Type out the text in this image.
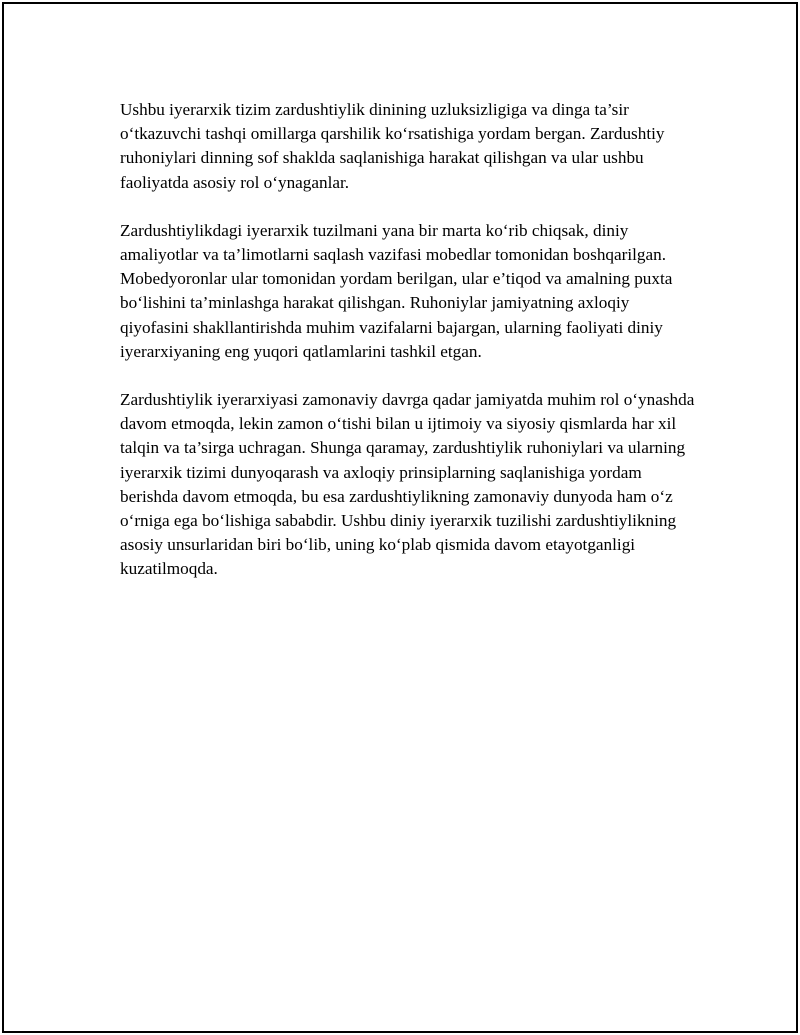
Ushbu iyerarxik tizim zardushtiylik dinining uzluksizligiga va dinga ta’sir o‘tkazuvchi tashqi omillarga qarshilik ko‘rsatishiga yordam bergan. Zardushtiy ruhoniylari dinning sof shaklda saqlanishiga harakat qilishgan va ular ushbu faoliyatda asosiy rol o‘ynaganlar.

Zardushtiylikdagi iyerarxik tuzilmani yana bir marta ko‘rib chiqsak, diniy amaliyotlar va ta’limotlarni saqlash vazifasi mobedlar tomonidan boshqarilgan. Mobedyoronlar ular tomonidan yordam berilgan, ular e’tiqod va amalning puxta bo‘lishini ta’minlashga harakat qilishgan. Ruhoniylar jamiyatning axloqiy qiyofasini shakllantirishda muhim vazifalarni bajargan, ularning faoliyati diniy iyerarxiyaning eng yuqori qatlamlarini tashkil etgan.

Zardushtiylik iyerarxiyasi zamonaviy davrga qadar jamiyatda muhim rol o‘ynashda davom etmoqda, lekin zamon o‘tishi bilan u ijtimoiy va siyosiy qismlarda har xil talqin va ta’sirga uchragan. Shunga qaramay, zardushtiylik ruhoniylari va ularning iyerarxik tizimi dunyoqarash va axloqiy prinsiplarning saqlanishiga yordam berishda davom etmoqda, bu esa zardushtiylikning zamonaviy dunyoda ham o‘z o‘rniga ega bo‘lishiga sababdir. Ushbu diniy iyerarxik tuzilishi zardushtiylikning asosiy unsurlaridan biri bo‘lib, uning ko‘plab qismida davom etayotganligi kuzatilmoqda.
